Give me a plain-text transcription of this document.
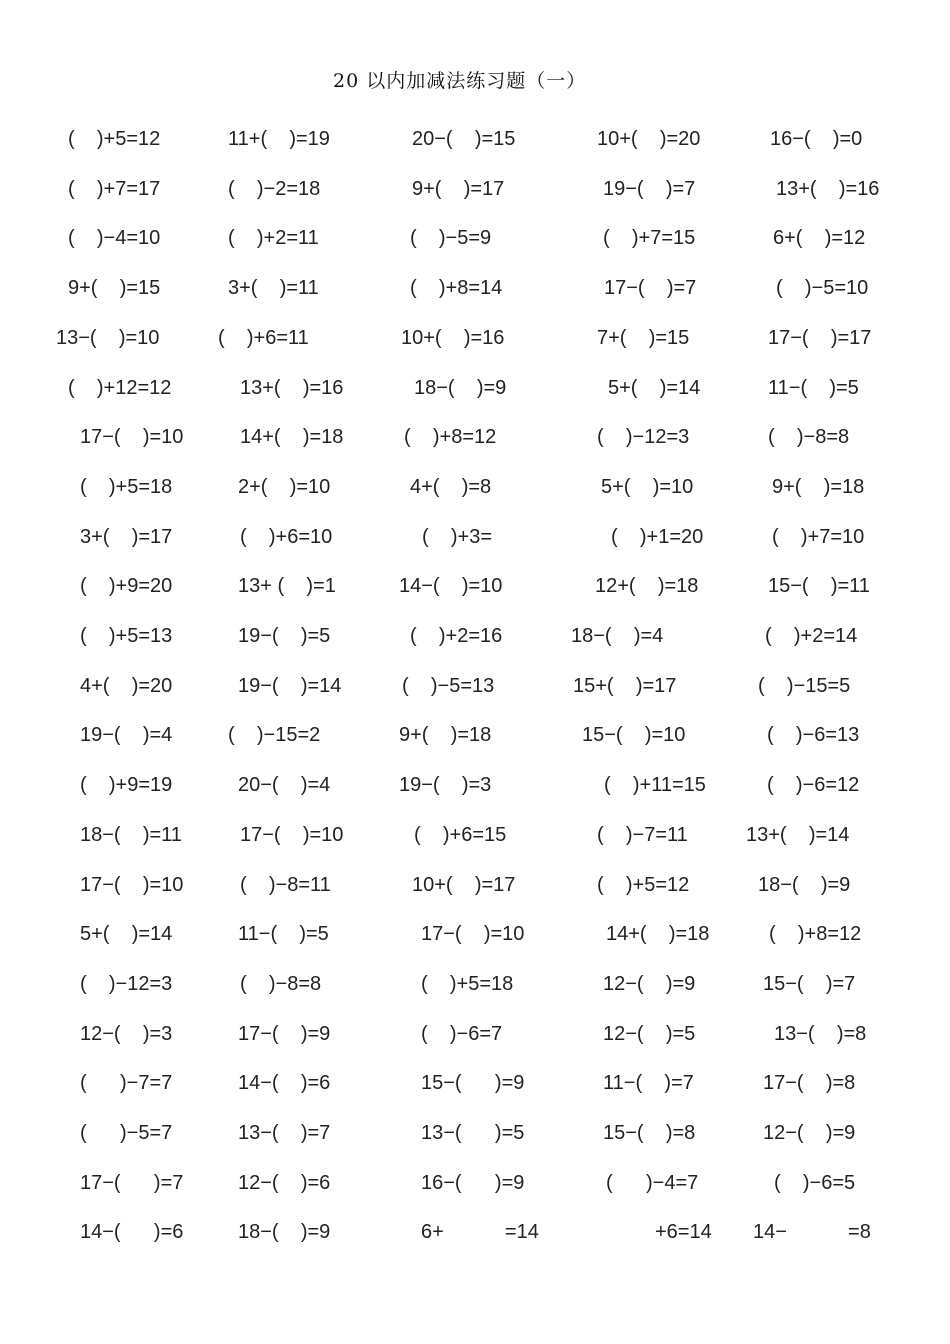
20 以内加减法练习题（一）
(    )+5=12	11+(    )=19	20−(    )=15	10+(    )=20	16−(    )=0
(    )+7=17	(    )−2=18	9+(    )=17	19−(    )=7	13+(    )=16
(    )−4=10	(    )+2=11	(    )−5=9	(    )+7=15	6+(    )=12
9+(    )=15	3+(    )=11	(    )+8=14	17−(    )=7	(    )−5=10
13−(    )=10	(    )+6=11	10+(    )=16	7+(    )=15	17−(    )=17
(    )+12=12	13+(    )=16	18−(    )=9	5+(    )=14	11−(    )=5
17−(    )=10	14+(    )=18	(    )+8=12	(    )−12=3	(    )−8=8
(    )+5=18	2+(    )=10	4+(    )=8	5+(    )=10	9+(    )=18
3+(    )=17	(    )+6=10	(    )+3=	(    )+1=20	(    )+7=10
(    )+9=20	13+ (    )=1	14−(    )=10	12+(    )=18	15−(    )=11
(    )+5=13	19−(    )=5	(    )+2=16	18−(    )=4	(    )+2=14
4+(    )=20	19−(    )=14	(    )−5=13	15+(    )=17	(    )−15=5
19−(    )=4	(    )−15=2	9+(    )=18	15−(    )=10	(    )−6=13
(    )+9=19	20−(    )=4	19−(    )=3	(    )+11=15	(    )−6=12
18−(    )=11	17−(    )=10	(    )+6=15	(    )−7=11	13+(    )=14
17−(    )=10	(    )−8=11	10+(    )=17	(    )+5=12	18−(    )=9
5+(    )=14	11−(    )=5	17−(    )=10	14+(    )=18	(    )+8=12
(    )−12=3	(    )−8=8	(    )+5=18	12−(    )=9	15−(    )=7
12−(    )=3	17−(    )=9	(    )−6=7	12−(    )=5	13−(    )=8
(      )−7=7	14−(    )=6	15−(      )=9	11−(    )=7	17−(    )=8
(      )−5=7	13−(    )=7	13−(      )=5	15−(    )=8	12−(    )=9
17−(      )=7	12−(    )=6	16−(      )=9	(      )−4=7	(    )−6=5
14−(      )=6	18−(    )=9	6+           =14	+6=14 14−           =8
